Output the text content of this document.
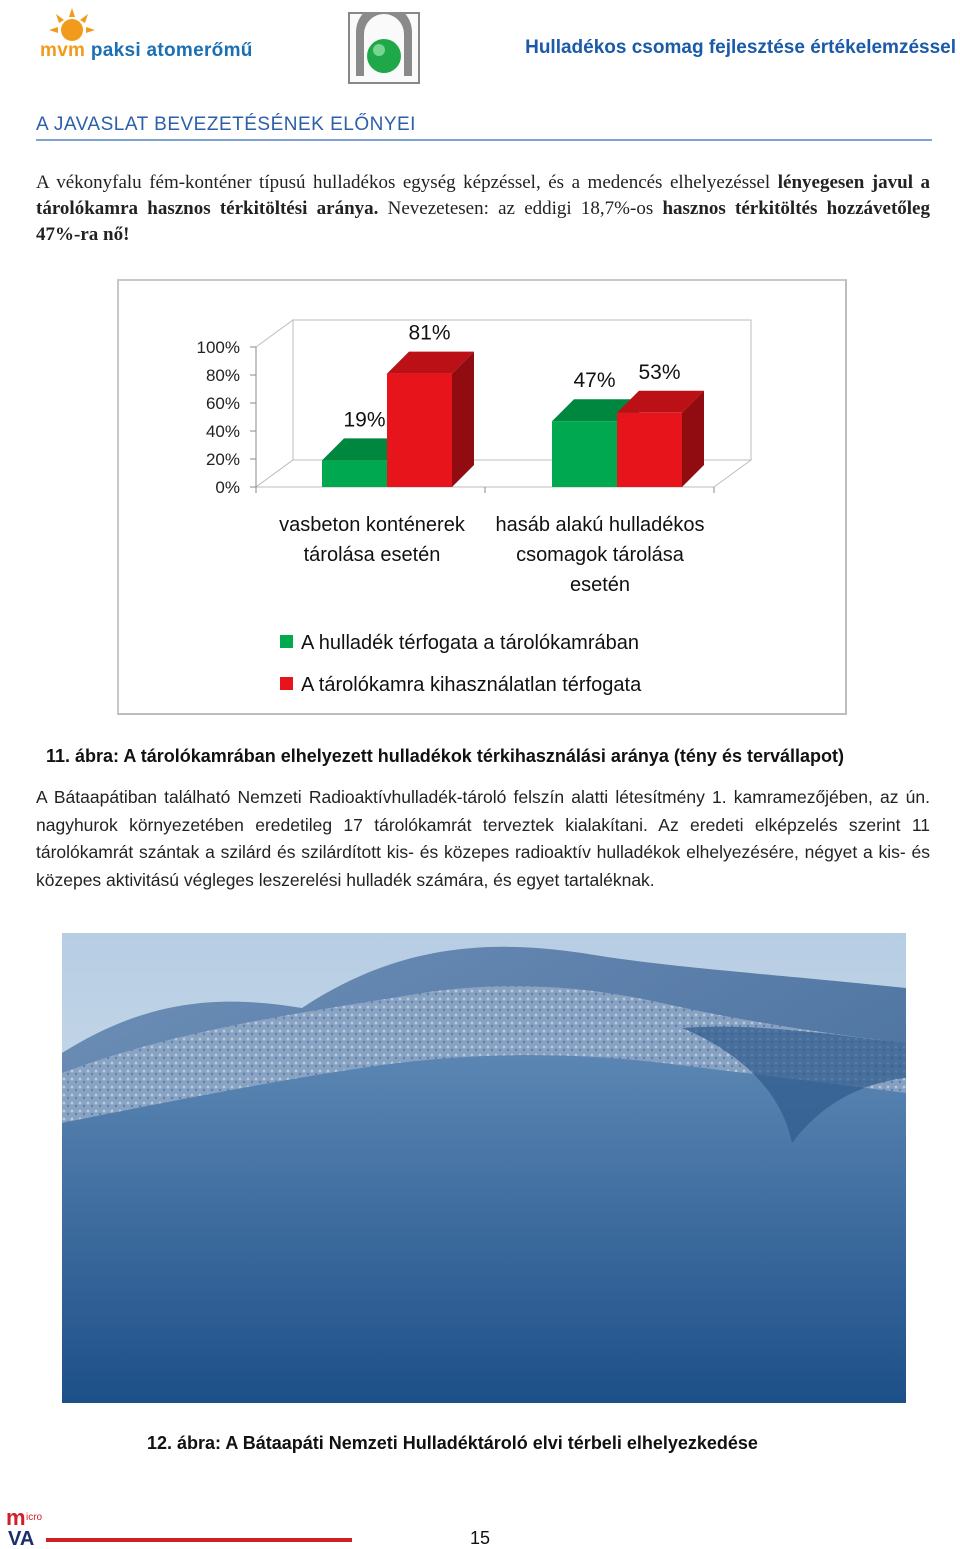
mvm paksi atomerőmű	Hulladékos csomag fejlesztése értékelemzéssel
A JAVASLAT BEVEZETÉSÉNEK ELŐNYEI
A vékonyfalu fém-konténer típusú hulladékos egység képzéssel, és a medencés elhelyezéssel lényegesen javul a tárolókamra hasznos térkitöltési aránya. Nevezetesen: az eddigi 18,7%-os hasznos térkitöltés hozzávetőleg 47%-ra nő!
100%
80%
60%
40%
20%
0%
19%
81%
47% 53%
vasbeton konténerek
tárolása esetén
hasáb alakú hulladékos
csomagok tárolása
esetén
A hulladék térfogata a tárolókamrában
A tárolókamra kihasználatlan térfogata
11. ábra: A tárolókamrában elhelyezett hulladékok térkihasználási aránya (tény és tervállapot)
A Bátaapátiban található Nemzeti Radioaktívhulladék-tároló felszín alatti létesítmény 1. kamramezőjében, az ún. nagyhurok környezetében eredetileg 17 tárolókamrát terveztek kialakítani. Az eredeti elképzelés szerint 11 tárolókamrát szántak a szilárd és szilárdított kis- és közepes radioaktív hulladékok elhelyezésére, négyet a kis- és közepes aktivitású végleges leszerelési hulladék számára, és egyet tartaléknak.
m
VA
icro
15
12. ábra: A Bátaapáti Nemzeti Hulladéktároló elvi térbeli elhelyezkedése
